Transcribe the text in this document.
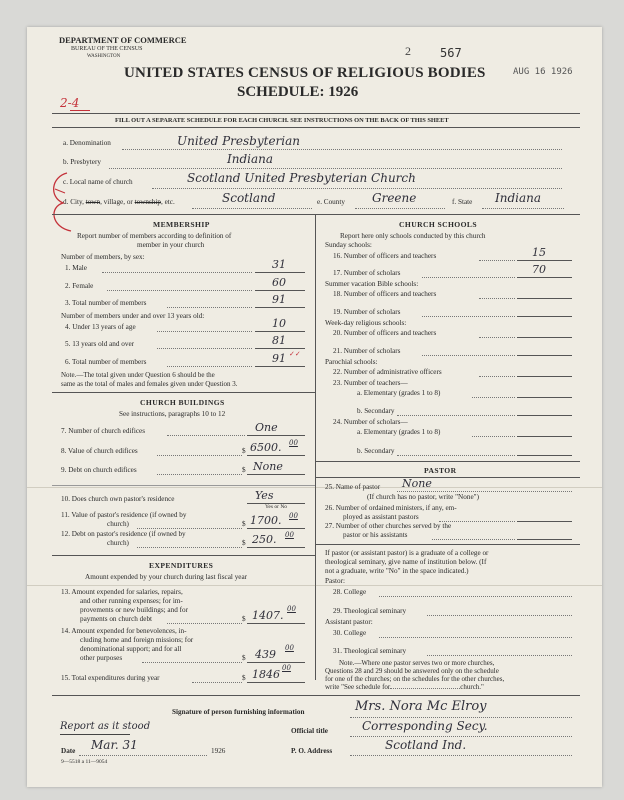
DEPARTMENT OF COMMERCE
BUREAU OF THE CENSUS
WASHINGTON
UNITED STATES CENSUS OF RELIGIOUS BODIES
SCHEDULE: 1926
2 567
AUG 16 1926
2-4
FILL OUT A SEPARATE SCHEDULE FOR EACH CHURCH. SEE INSTRUCTIONS ON THE BACK OF THIS SHEET
a. Denomination	United Presbyterian
b. Presbytery	Indiana
c. Local name of church	Scotland United Presbyterian Church
d. City, town, village, or township, etc.	Scotland	e. County Greene	f. State Indiana
MEMBERSHIP
Report number of members according to definition of
member in your church
Number of members, by sex:
1. Male	31
2. Female	60
3. Total number of members	91
Number of members under and over 13 years old:
4. Under 13 years of age	10
5. 13 years old and over	81
6. Total number of members	91 ✓✓
Note.—The total given under Question 6 should be the
same as the total of males and females given under Question 3.
CHURCH BUILDINGS
See instructions, paragraphs 10 to 12
7. Number of church edifices	One
8. Value of church edifices	$ 6500. 00
9. Debt on church edifices	$ None
10. Does church own pastor's residence	Yes
Yes or No
11. Value of pastor's residence (if owned by
church)	$ 1700. 00
12. Debt on pastor's residence (if owned by
church)	$ 250. 00
EXPENDITURES
Amount expended by your church during last fiscal year
13. Amount expended for salaries, repairs,
and other running expenses; for im-
provements or new buildings; and for
payments on church debt	$ 1407. 00
14. Amount expended for benevolences, in-
cluding home and foreign missions; for
denominational support; and for all
other purposes	$ 439 00
15. Total expenditures during year	$ 1846 00
CHURCH SCHOOLS
Report here only schools conducted by this church
Sunday schools:
16. Number of officers and teachers	15
17. Number of scholars	70
Summer vacation Bible schools:
18. Number of officers and teachers
19. Number of scholars
Week-day religious schools:
20. Number of officers and teachers
21. Number of scholars
Parochial schools:
22. Number of administrative officers
23. Number of teachers—
a. Elementary (grades 1 to 8)
b. Secondary
24. Number of scholars—
a. Elementary (grades 1 to 8)
b. Secondary
PASTOR
25. Name of pastor None
(If church has no pastor, write "None")
26. Number of ordained ministers, if any, em-
ployed as assistant pastors
27. Number of other churches served by the
pastor or his assistants
If pastor (or assistant pastor) is a graduate of a college or
theological seminary, give name of institution below. (If
not a graduate, write "No" in the space indicated.)
Pastor:
28. College
29. Theological seminary
Assistant pastor:
30. College
31. Theological seminary
Note.—Where one pastor serves two or more churches,
Questions 28 and 29 should be answered only on the schedule
for one of the churches; on the schedules for the other churches,
write "See schedule for	church."
Signature of person furnishing information	Mrs. Nora Mc Elroy
Report as it stood	Official title	Corresponding Secy.
Date Mar. 31	1926	P. O. Address	Scotland Ind.
9—5518 a 11—9054
